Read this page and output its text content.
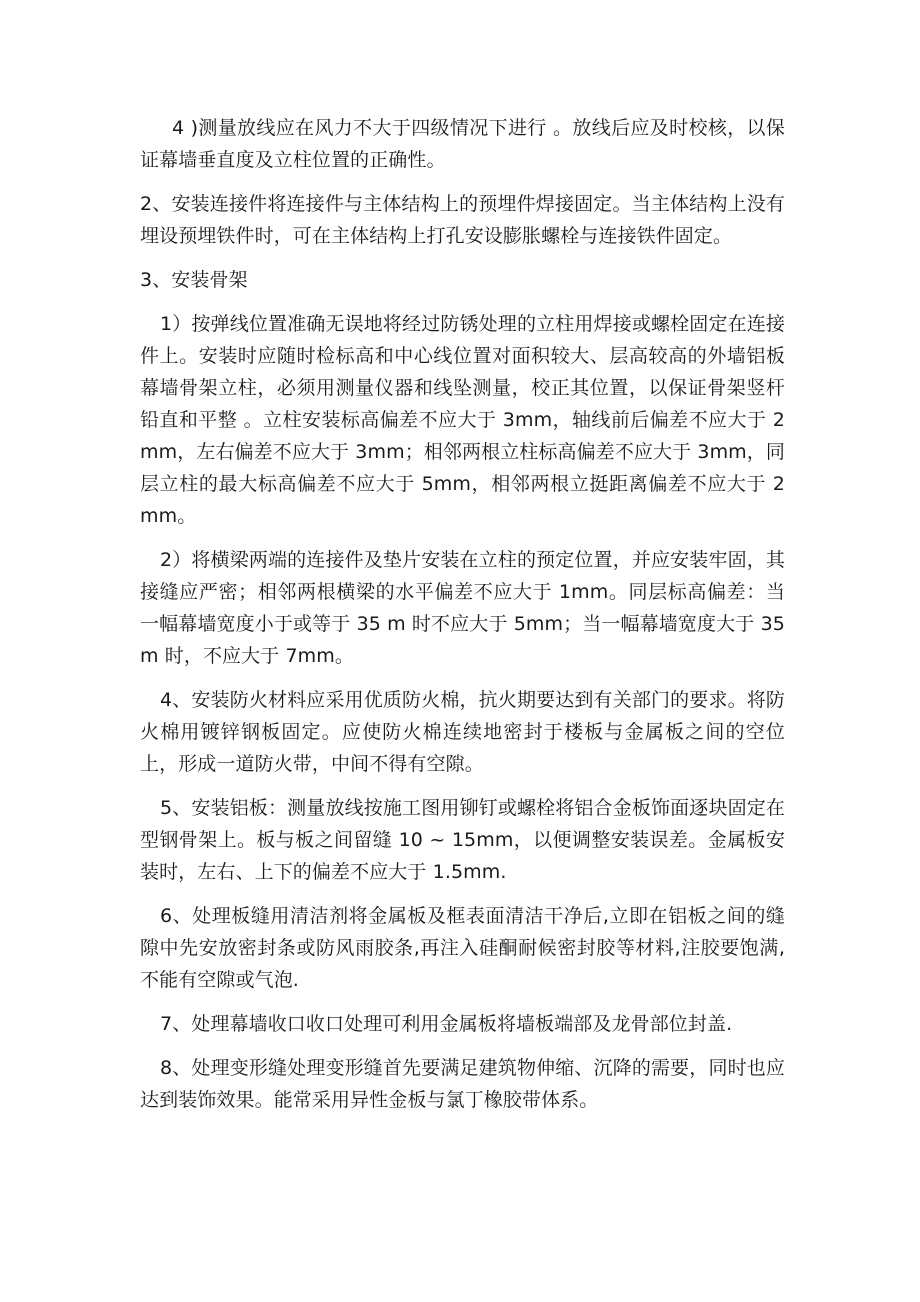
4 )测量放线应在风力不大于四级情况下进行 。放线后应及时校核，以保证幕墙垂直度及立柱位置的正确性。

2、安装连接件将连接件与主体结构上的预埋件焊接固定。当主体结构上没有埋设预埋铁件时，可在主体结构上打孔安设膨胀螺栓与连接铁件固定。

3、安装骨架

1）按弹线位置准确无误地将经过防锈处理的立柱用焊接或螺栓固定在连接件上。安装时应随时检标高和中心线位置对面积较大、层高较高的外墙铝板幕墙骨架立柱，必须用测量仪器和线坠测量，校正其位置，以保证骨架竖杆铅直和平整 。立柱安装标高偏差不应大于 3mm，轴线前后偏差不应大于 2mm，左右偏差不应大于 3mm；相邻两根立柱标高偏差不应大于 3mm，同层立柱的最大标高偏差不应大于 5mm，相邻两根立挺距离偏差不应大于 2mm。

2）将横梁两端的连接件及垫片安装在立柱的预定位置，并应安装牢固，其接缝应严密；相邻两根横梁的水平偏差不应大于 1mm。同层标高偏差：当一幅幕墙宽度小于或等于 35 m 时不应大于 5mm；当一幅幕墙宽度大于 35m 时，不应大于 7mm。

4、安装防火材料应采用优质防火棉，抗火期要达到有关部门的要求。将防火棉用镀锌钢板固定。应使防火棉连续地密封于楼板与金属板之间的空位上，形成一道防火带，中间不得有空隙。

5、安装铝板：测量放线按施工图用铆钉或螺栓将铝合金板饰面逐块固定在型钢骨架上。板与板之间留缝 10 ~ 15mm，以便调整安装误差。金属板安装时，左右、上下的偏差不应大于 1.5mm.

6、处理板缝用清洁剂将金属板及框表面清洁干净后,立即在铝板之间的缝隙中先安放密封条或防风雨胶条,再注入硅酮耐候密封胶等材料,注胶要饱满,不能有空隙或气泡.

7、处理幕墙收口收口处理可利用金属板将墙板端部及龙骨部位封盖.

8、处理变形缝处理变形缝首先要满足建筑物伸缩、沉降的需要，同时也应达到装饰效果。能常采用异性金板与氯丁橡胶带体系。
